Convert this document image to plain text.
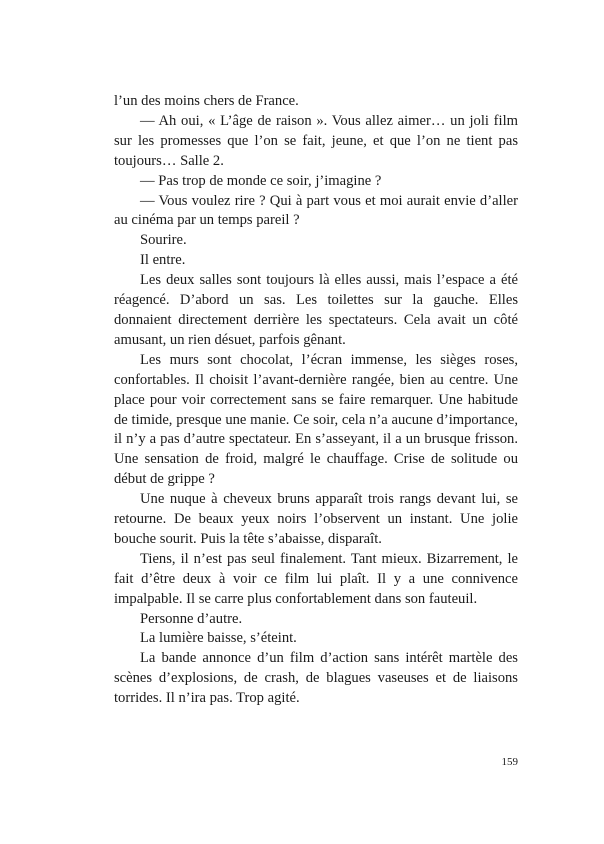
l’un des moins chers de France.

— Ah oui, « L’âge de raison ». Vous allez aimer… un joli film sur les promesses que l’on se fait, jeune, et que l’on ne tient pas toujours… Salle 2.

— Pas trop de monde ce soir, j’imagine ?

— Vous voulez rire ? Qui à part vous et moi aurait envie d’aller au cinéma par un temps pareil ?

Sourire.

Il entre.

Les deux salles sont toujours là elles aussi, mais l’espace a été réagencé. D’abord un sas. Les toilettes sur la gauche. Elles donnaient directement derrière les spectateurs. Cela avait un côté amusant, un rien désuet, parfois gênant.

Les murs sont chocolat, l’écran immense, les sièges roses, confortables. Il choisit l’avant-dernière rangée, bien au centre. Une place pour voir correctement sans se faire remarquer. Une habitude de timide, presque une manie. Ce soir, cela n’a aucune d’importance, il n’y a pas d’autre spectateur. En s’asseyant, il a un brusque frisson. Une sensation de froid, malgré le chauffage. Crise de solitude ou début de grippe ?

Une nuque à cheveux bruns apparaît trois rangs devant lui, se retourne. De beaux yeux noirs l’observent un instant. Une jolie bouche sourit. Puis la tête s’abaisse, disparaît.

Tiens, il n’est pas seul finalement. Tant mieux. Bizarrement, le fait d’être deux à voir ce film lui plaît. Il y a une connivence impalpable. Il se carre plus confortablement dans son fauteuil.

Personne d’autre.

La lumière baisse, s’éteint.

La bande annonce d’un film d’action sans intérêt martèle des scènes d’explosions, de crash, de blagues vaseuses et de liaisons torrides. Il n’ira pas. Trop agité.

159
